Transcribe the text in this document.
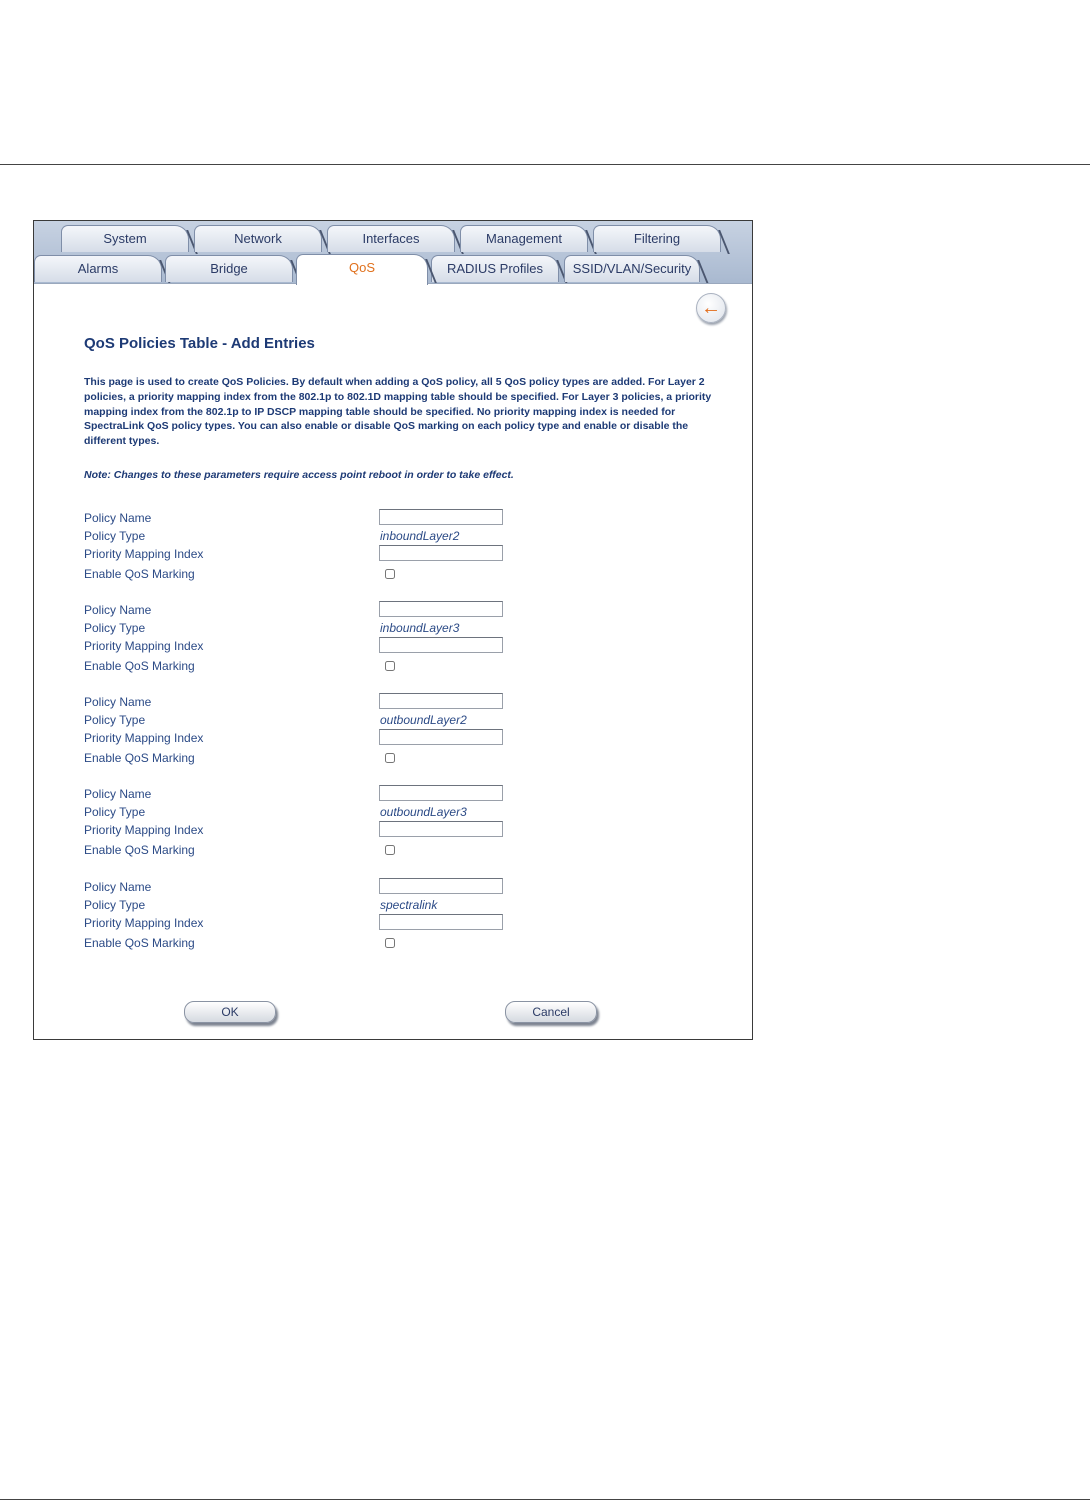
System	Network	Interfaces	Management	Filtering
Alarms	Bridge	QoS	RADIUS Profiles	SSID/VLAN/Security
←
QoS Policies Table - Add Entries
This page is used to create QoS Policies. By default when adding a QoS policy, all 5 QoS policy types are added. For Layer 2 policies, a priority mapping index from the 802.1p to 802.1D mapping table should be specified. For Layer 3 policies, a priority mapping index from the 802.1p to IP DSCP mapping table should be specified. No priority mapping index is needed for SpectraLink QoS policy types. You can also enable or disable QoS marking on each policy type and enable or disable the different types.
Note: Changes to these parameters require access point reboot in order to take effect.
Policy Name
Policy Type	inboundLayer2
Priority Mapping Index
Enable QoS Marking
Policy Name
Policy Type	inboundLayer3
Priority Mapping Index
Enable QoS Marking
Policy Name
Policy Type	outboundLayer2
Priority Mapping Index
Enable QoS Marking
Policy Name
Policy Type	outboundLayer3
Priority Mapping Index
Enable QoS Marking
Policy Name
Policy Type	spectralink
Priority Mapping Index
Enable QoS Marking
OK	Cancel
